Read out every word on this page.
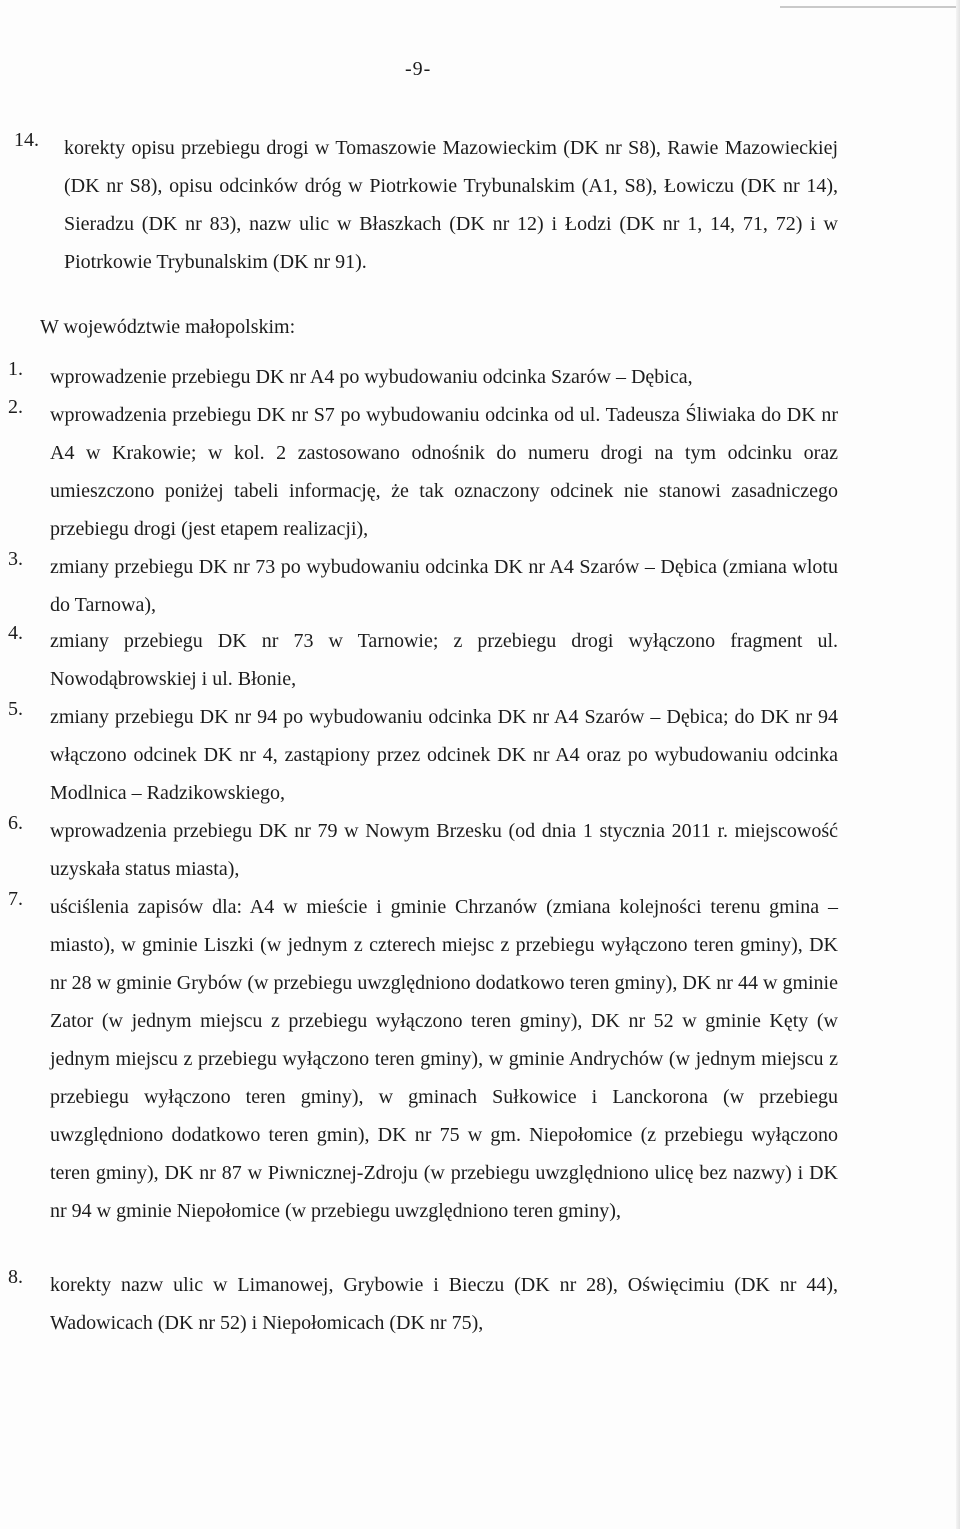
-9-
14. korekty opisu przebiegu drogi w Tomaszowie Mazowieckim (DK nr S8), Rawie Mazowieckiej (DK nr S8), opisu odcinków dróg w Piotrkowie Trybunalskim (A1, S8), Łowiczu (DK nr 14), Sieradzu (DK nr 83), nazw ulic w Błaszkach (DK nr 12) i Łodzi (DK nr 1, 14, 71, 72) i w Piotrkowie Trybunalskim (DK nr 91).
W województwie małopolskim:
1. wprowadzenie przebiegu DK nr A4 po wybudowaniu odcinka Szarów – Dębica,
2. wprowadzenia przebiegu DK nr S7 po wybudowaniu odcinka od ul. Tadeusza Śliwiaka do DK nr A4 w Krakowie; w kol. 2 zastosowano odnośnik do numeru drogi na tym odcinku oraz umieszczono poniżej tabeli informację, że tak oznaczony odcinek nie stanowi zasadniczego przebiegu drogi (jest etapem realizacji),
3. zmiany przebiegu DK nr 73 po wybudowaniu odcinka DK nr A4 Szarów – Dębica (zmiana wlotu do Tarnowa),
4. zmiany przebiegu DK nr 73 w Tarnowie; z przebiegu drogi wyłączono fragment ul. Nowodąbrowskiej i ul. Błonie,
5. zmiany przebiegu DK nr 94 po wybudowaniu odcinka DK nr A4 Szarów – Dębica; do DK nr 94 włączono odcinek DK nr 4, zastąpiony przez odcinek DK nr A4 oraz po wybudowaniu odcinka Modlnica – Radzikowskiego,
6. wprowadzenia przebiegu DK nr 79 w Nowym Brzesku (od dnia 1 stycznia 2011 r. miejscowość uzyskała status miasta),
7. uściślenia zapisów dla: A4 w mieście i gminie Chrzanów (zmiana kolejności terenu gmina – miasto), w gminie Liszki (w jednym z czterech miejsc z przebiegu wyłączono teren gminy), DK nr 28 w gminie Grybów (w przebiegu uwzględniono dodatkowo teren gminy), DK nr 44 w gminie Zator (w jednym miejscu z przebiegu wyłączono teren gminy), DK nr 52 w gminie Kęty (w jednym miejscu z przebiegu wyłączono teren gminy), w gminie Andrychów (w jednym miejscu z przebiegu wyłączono teren gminy), w gminach Sułkowice i Lanckorona (w przebiegu uwzględniono dodatkowo teren gmin), DK nr 75 w gm. Niepołomice (z przebiegu wyłączono teren gminy), DK nr 87 w Piwnicznej-Zdroju (w przebiegu uwzględniono ulicę bez nazwy) i DK nr 94 w gminie Niepołomice (w przebiegu uwzględniono teren gminy),
8. korekty nazw ulic w Limanowej, Grybowie i Bieczu (DK nr 28), Oświęcimiu (DK nr 44), Wadowicach (DK nr 52) i Niepołomicach (DK nr 75),
